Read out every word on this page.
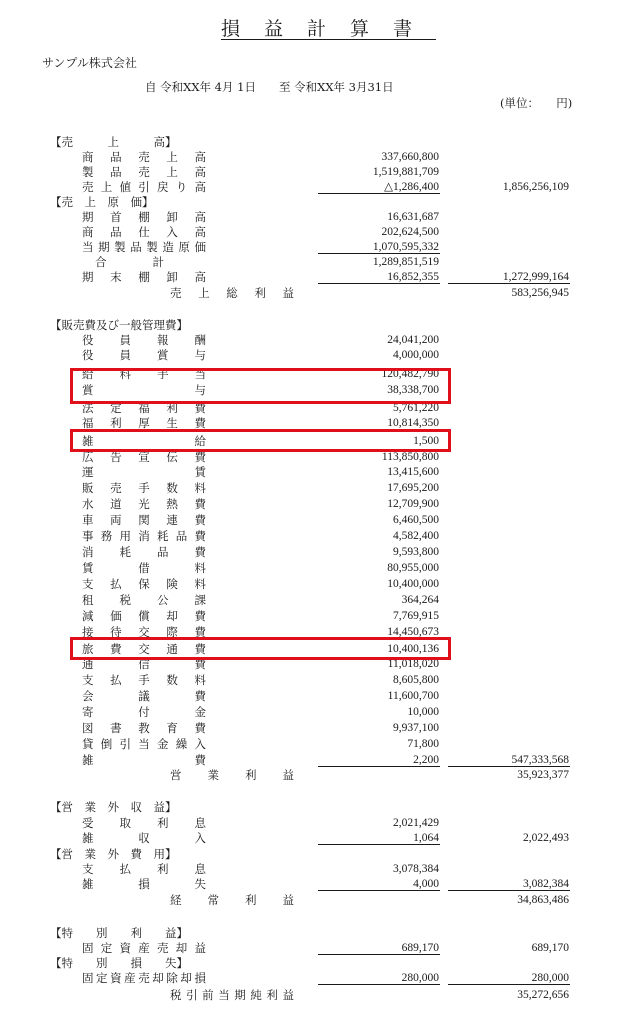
損益計算書
サンプル株式会社
自 令和XX年 4月 1日　　至 令和XX年 3月31日
(単位：　　円)
【売　　　上　　　高】
商品売上高	337,660,800
製品売上高	1,519,881,709
売上値引戻り高	△1,286,400	1,856,256,109
【売　上　原　価】
期首棚卸高	16,631,687
商品仕入高	202,624,500
当期製品製造原価	1,070,595,332
合　　　　計	1,289,851,519
期末棚卸高	16,852,355	1,272,999,164
売上総利益	583,256,945
【販売費及び一般管理費】
役員報酬	24,041,200
役員賞与	4,000,000
給料手当	120,482,790
賞与	38,338,700
法定福利費	5,761,220
福利厚生費	10,814,350
雑給	1,500
広告宣伝費	113,850,800
運賃	13,415,600
販売手数料	17,695,200
水道光熱費	12,709,900
車両関連費	6,460,500
事務用消耗品費	4,582,400
消耗品費	9,593,800
賃借料	80,955,000
支払保険料	10,400,000
租税公課	364,264
減価償却費	7,769,915
接待交際費	14,450,673
旅費交通費	10,400,136
通信費	11,018,020
支払手数料	8,605,800
会議費	11,600,700
寄付金	10,000
図書教育費	9,937,100
貸倒引当金繰入	71,800
雑費	2,200	547,333,568
営業利益	35,923,377
【営　業　外　収　益】
受取利息	2,021,429
雑収入	1,064	2,022,493
【営　業　外　費　用】
支払利息	3,078,384
雑損失	4,000	3,082,384
経常利益	34,863,486
【特　　別　　利　　益】
固定資産売却益	689,170	689,170
【特　　別　　損　　失】
固定資産売却除却損	280,000	280,000
税引前当期純利益	35,272,656
